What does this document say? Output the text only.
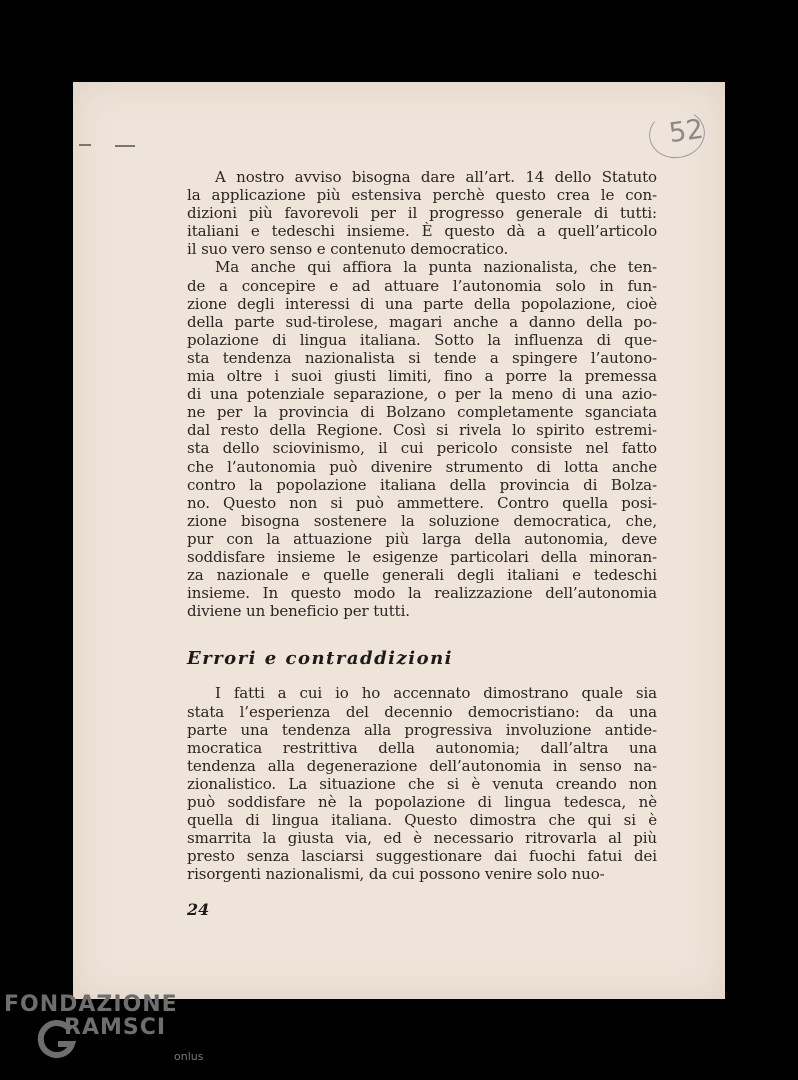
52
A nostro avviso bisogna dare all’art. 14 dello Statuto
la applicazione più estensiva perchè questo crea le con-
dizioni più favorevoli per il progresso generale di tutti:
italiani e tedeschi insieme. È questo dà a quell’articolo
il suo vero senso e contenuto democratico.
Ma anche qui affiora la punta nazionalista, che ten-
de a concepire e ad attuare l’autonomia solo in fun-
zione degli interessi di una parte della popolazione, cioè
della parte sud-tirolese, magari anche a danno della po-
polazione di lingua italiana. Sotto la influenza di que-
sta tendenza nazionalista si tende a spingere l’autono-
mia oltre i suoi giusti limiti, fino a porre la premessa
di una potenziale separazione, o per la meno di una azio-
ne per la provincia di Bolzano completamente sganciata
dal resto della Regione. Così si rivela lo spirito estremi-
sta dello sciovinismo, il cui pericolo consiste nel fatto
che l’autonomia può divenire strumento di lotta anche
contro la popolazione italiana della provincia di Bolza-
no. Questo non si può ammettere. Contro quella posi-
zione bisogna sostenere la soluzione democratica, che,
pur con la attuazione più larga della autonomia, deve
soddisfare insieme le esigenze particolari della minoran-
za nazionale e quelle generali degli italiani e tedeschi
insieme. In questo modo la realizzazione dell’autonomia
diviene un beneficio per tutti.
Errori e contraddizioni
I fatti a cui io ho accennato dimostrano quale sia
stata l’esperienza del decennio democristiano: da una
parte una tendenza alla progressiva involuzione antide-
mocratica restrittiva della autonomia; dall’altra una
tendenza alla degenerazione dell’autonomia in senso na-
zionalistico. La situazione che si è venuta creando non
può soddisfare nè la popolazione di lingua tedesca, nè
quella di lingua italiana. Questo dimostra che qui si è
smarrita la giusta via, ed è necessario ritrovarla al più
presto senza lasciarsi suggestionare dai fuochi fatui dei
risorgenti nazionalismi, da cui possono venire solo nuo-
24
FONDAZIONE
RAMSCI
onlus
